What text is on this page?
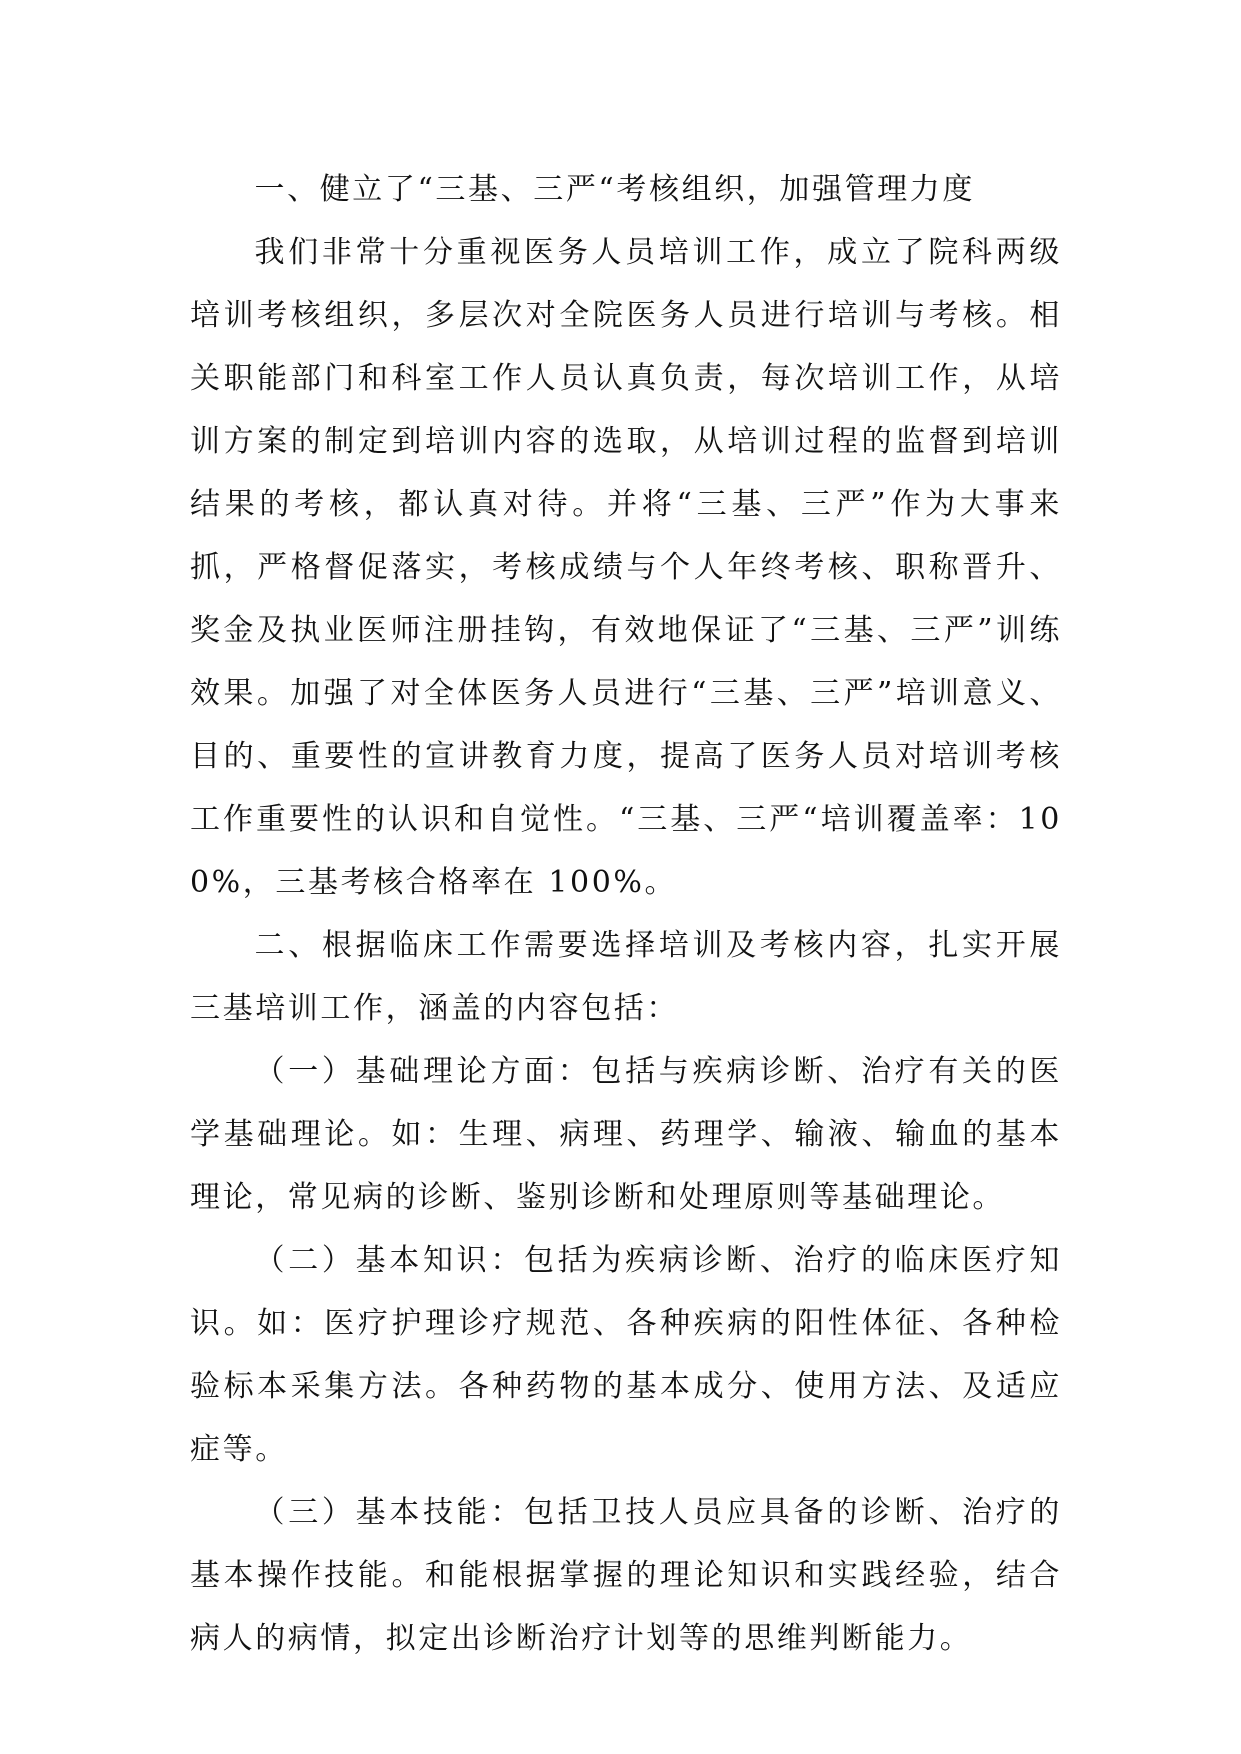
一、健立了“三基、三严“考核组织，加强管理力度

我们非常十分重视医务人员培训工作，成立了院科两级培训考核组织，多层次对全院医务人员进行培训与考核。相关职能部门和科室工作人员认真负责，每次培训工作，从培训方案的制定到培训内容的选取，从培训过程的监督到培训结果的考核，都认真对待。并将“三基、三严”作为大事来抓，严格督促落实，考核成绩与个人年终考核、职称晋升、奖金及执业医师注册挂钩，有效地保证了“三基、三严”训练效果。加强了对全体医务人员进行“三基、三严”培训意义、目的、重要性的宣讲教育力度，提高了医务人员对培训考核工作重要性的认识和自觉性。“三基、三严“培训覆盖率：100%，三基考核合格率在 100%。

二、根据临床工作需要选择培训及考核内容，扎实开展三基培训工作，涵盖的内容包括：

（一）基础理论方面：包括与疾病诊断、治疗有关的医学基础理论。如：生理、病理、药理学、输液、输血的基本理论，常见病的诊断、鉴别诊断和处理原则等基础理论。

（二）基本知识：包括为疾病诊断、治疗的临床医疗知识。如：医疗护理诊疗规范、各种疾病的阳性体征、各种检验标本采集方法。各种药物的基本成分、使用方法、及适应症等。

（三）基本技能：包括卫技人员应具备的诊断、治疗的基本操作技能。和能根据掌握的理论知识和实践经验，结合病人的病情，拟定出诊断治疗计划等的思维判断能力。
